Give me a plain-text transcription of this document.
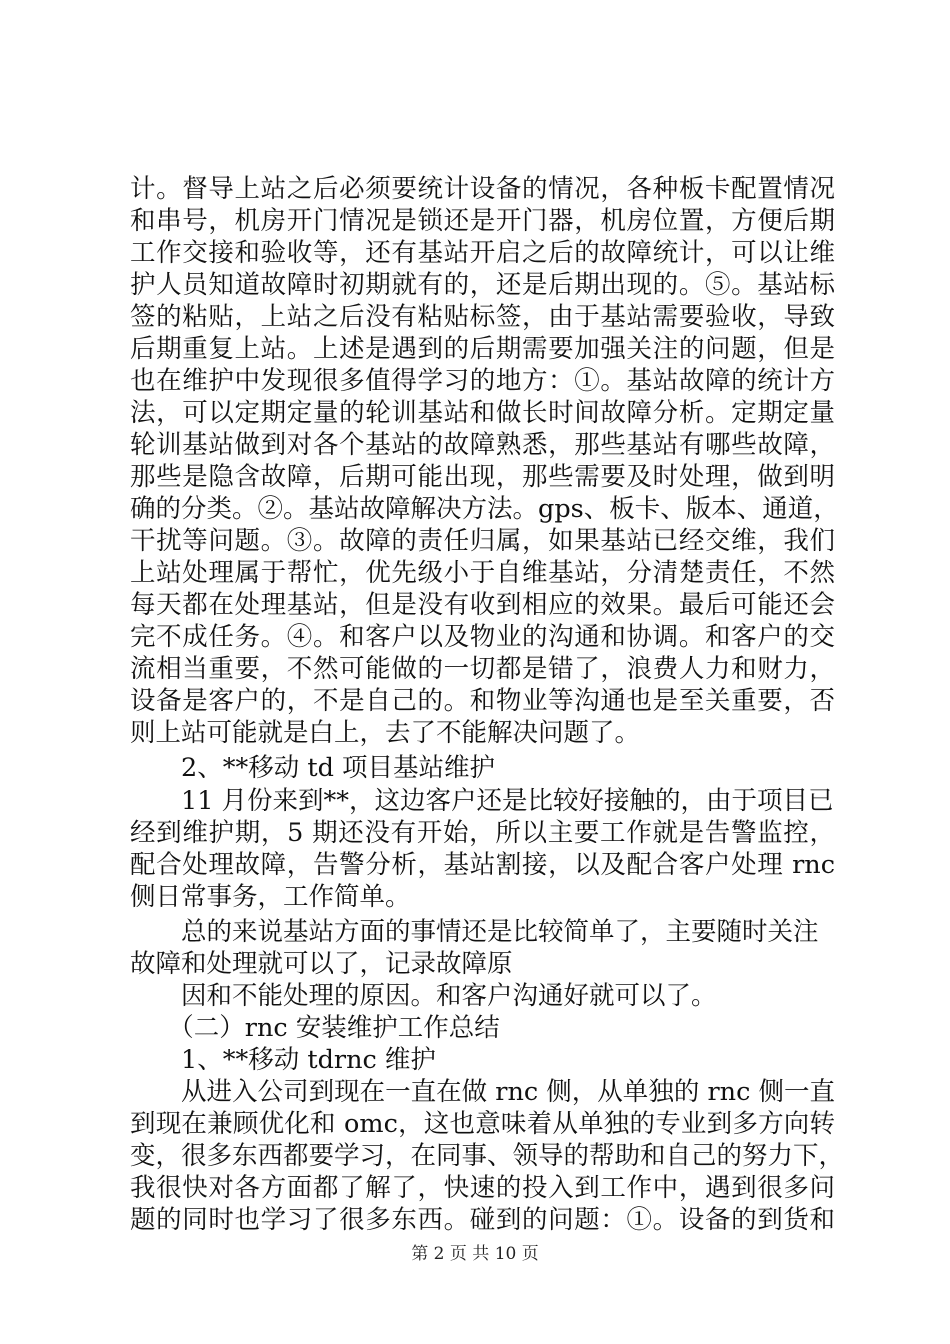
计。督导上站之后必须要统计设备的情况，各种板卡配置情况
和串号，机房开门情况是锁还是开门器，机房位置，方便后期
工作交接和验收等，还有基站开启之后的故障统计，可以让维
护人员知道故障时初期就有的，还是后期出现的。⑤。基站标
签的粘贴，上站之后没有粘贴标签，由于基站需要验收，导致
后期重复上站。上述是遇到的后期需要加强关注的问题，但是
也在维护中发现很多值得学习的地方：①。基站故障的统计方
法，可以定期定量的轮训基站和做长时间故障分析。定期定量
轮训基站做到对各个基站的故障熟悉，那些基站有哪些故障，
那些是隐含故障，后期可能出现，那些需要及时处理，做到明
确的分类。②。基站故障解决方法。gps、板卡、版本、通道，
干扰等问题。③。故障的责任归属，如果基站已经交维，我们
上站处理属于帮忙，优先级小于自维基站，分清楚责任，不然
每天都在处理基站，但是没有收到相应的效果。最后可能还会
完不成任务。④。和客户以及物业的沟通和协调。和客户的交
流相当重要，不然可能做的一切都是错了，浪费人力和财力，
设备是客户的，不是自己的。和物业等沟通也是至关重要，否
则上站可能就是白上，去了不能解决问题了。
　　2、**移动 td 项目基站维护
　　11 月份来到**，这边客户还是比较好接触的，由于项目已
经到维护期，5 期还没有开始，所以主要工作就是告警监控，
配合处理故障，告警分析，基站割接，以及配合客户处理 rnc
侧日常事务，工作简单。
　　总的来说基站方面的事情还是比较简单了，主要随时关注
故障和处理就可以了，记录故障原
　　因和不能处理的原因。和客户沟通好就可以了。
　　（二）rnc 安装维护工作总结
　　1、**移动 tdrnc 维护
　　从进入公司到现在一直在做 rnc 侧，从单独的 rnc 侧一直
到现在兼顾优化和 omc，这也意味着从单独的专业到多方向转
变，很多东西都要学习，在同事、领导的帮助和自己的努力下，
我很快对各方面都了解了，快速的投入到工作中，遇到很多问
题的同时也学习了很多东西。碰到的问题：①。设备的到货和
第 2 页 共 10 页
